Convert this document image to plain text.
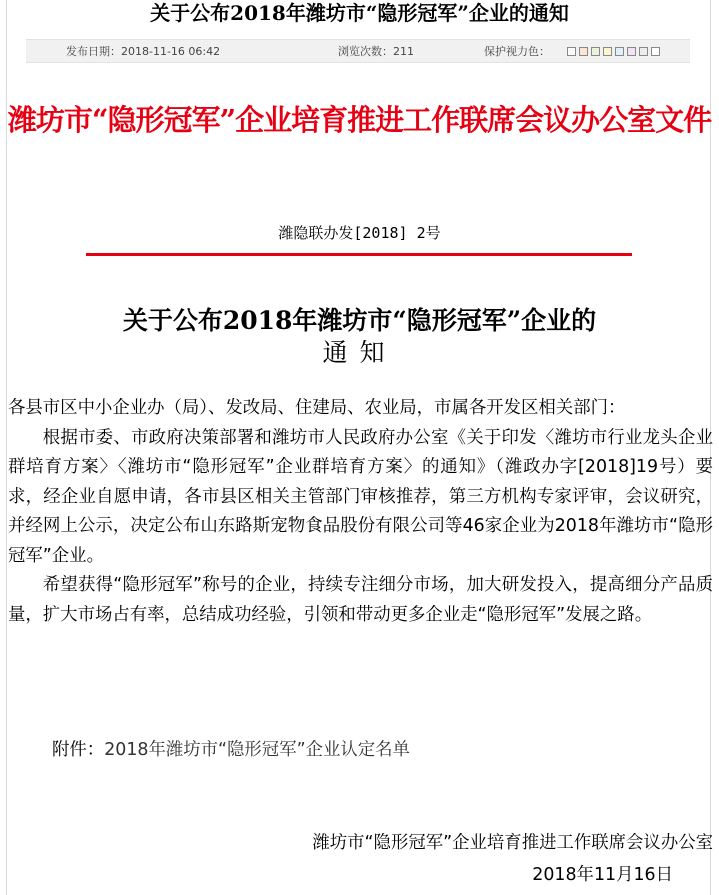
关于公布2018年潍坊市“隐形冠军”企业的通知
发布日期：2018-11-16 06:42	浏览次数：211	保护视力色：
潍坊市“隐形冠军”企业培育推进工作联席会议办公室文件
潍隐联办发[2018] 2号
关于公布2018年潍坊市“隐形冠军”企业的
通知

各县市区中小企业办（局）、发改局、住建局、农业局，市属各开发区相关部门：

根据市委、市政府决策部署和潍坊市人民政府办公室《关于印发〈潍坊市行业龙头企业群培育方案〉〈潍坊市“隐形冠军”企业群培育方案〉的通知》（潍政办字[2018]19号）要求，经企业自愿申请，各市县区相关主管部门审核推荐，第三方机构专家评审，会议研究，并经网上公示，决定公布山东路斯宠物食品股份有限公司等46家企业为2018年潍坊市“隐形冠军”企业。

希望获得“隐形冠军”称号的企业，持续专注细分市场，加大研发投入，提高细分产品质量，扩大市场占有率，总结成功经验，引领和带动更多企业走“隐形冠军”发展之路。

附件：2018年潍坊市“隐形冠军”企业认定名单
潍坊市“隐形冠军”企业培育推进工作联席会议办公室
2018年11月16日
